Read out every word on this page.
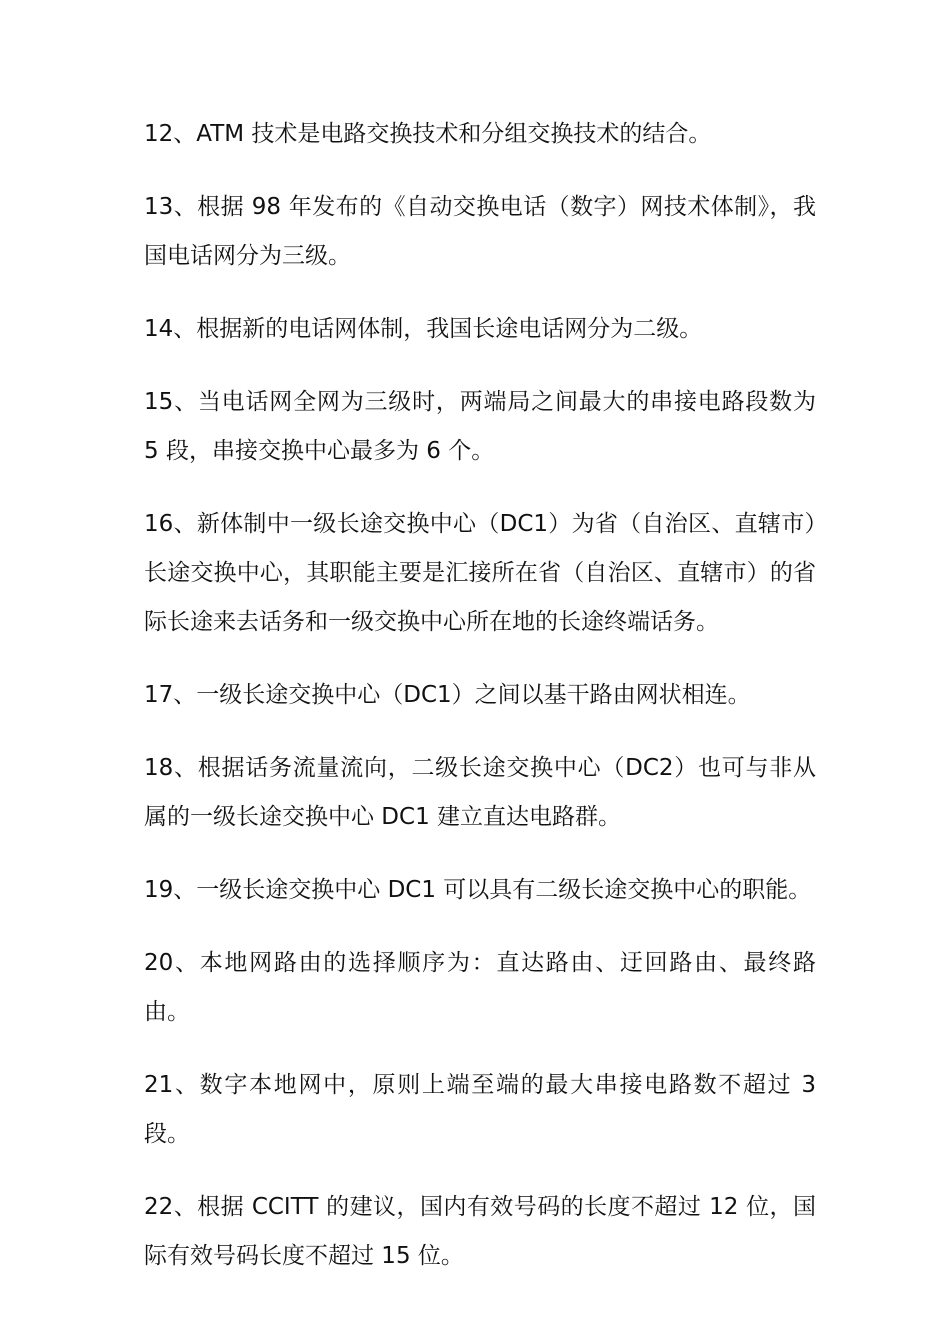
12、ATM 技术是电路交换技术和分组交换技术的结合。

13、根据 98 年发布的《自动交换电话（数字）网技术体制》，我国电话网分为三级。

14、根据新的电话网体制，我国长途电话网分为二级。

15、当电话网全网为三级时，两端局之间最大的串接电路段数为 5 段，串接交换中心最多为 6 个。

16、新体制中一级长途交换中心（DC1）为省（自治区、直辖市）长途交换中心，其职能主要是汇接所在省（自治区、直辖市）的省际长途来去话务和一级交换中心所在地的长途终端话务。

17、一级长途交换中心（DC1）之间以基干路由网状相连。

18、根据话务流量流向，二级长途交换中心（DC2）也可与非从属的一级长途交换中心 DC1 建立直达电路群。

19、一级长途交换中心 DC1 可以具有二级长途交换中心的职能。

20、本地网路由的选择顺序为：直达路由、迂回路由、最终路由。

21、数字本地网中，原则上端至端的最大串接电路数不超过 3 段。

22、根据 CCITT 的建议，国内有效号码的长度不超过 12 位，国际有效号码长度不超过 15 位。
